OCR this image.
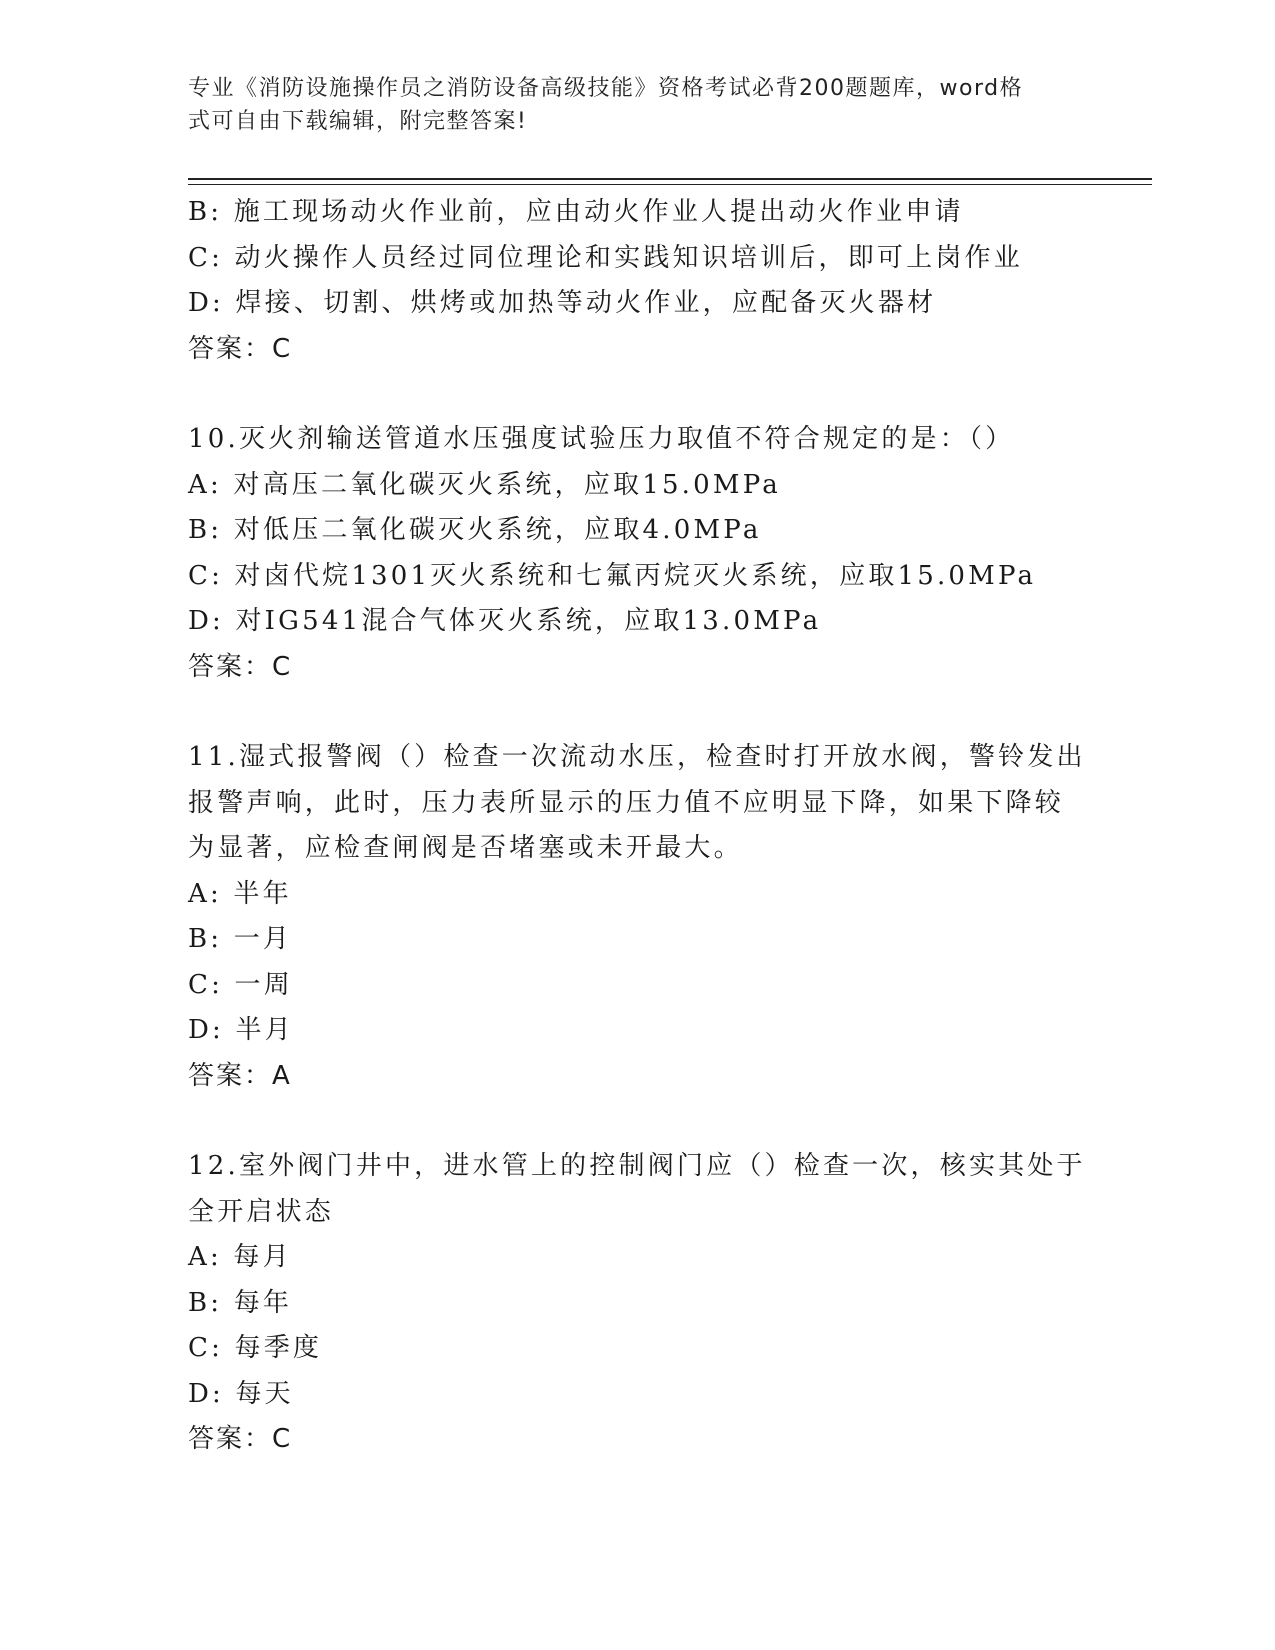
专业《消防设施操作员之消防设备高级技能》资格考试必背200题题库，word格
式可自由下载编辑，附完整答案!
B: 施工现场动火作业前，应由动火作业人提出动火作业申请
C: 动火操作人员经过同位理论和实践知识培训后，即可上岗作业
D: 焊接、切割、烘烤或加热等动火作业，应配备灭火器材
答案：C
10.灭火剂输送管道水压强度试验压力取值不符合规定的是：（）
A: 对高压二氧化碳灭火系统，应取15.0MPa
B: 对低压二氧化碳灭火系统，应取4.0MPa
C: 对卤代烷1301灭火系统和七氟丙烷灭火系统，应取15.0MPa
D: 对IG541混合气体灭火系统，应取13.0MPa
答案：C
11.湿式报警阀（）检查一次流动水压，检查时打开放水阀，警铃发出
报警声响，此时，压力表所显示的压力值不应明显下降，如果下降较
为显著，应检查闸阀是否堵塞或未开最大。
A: 半年
B: 一月
C: 一周
D: 半月
答案：A
12.室外阀门井中，进水管上的控制阀门应（）检查一次，核实其处于
全开启状态
A: 每月
B: 每年
C: 每季度
D: 每天
答案：C
